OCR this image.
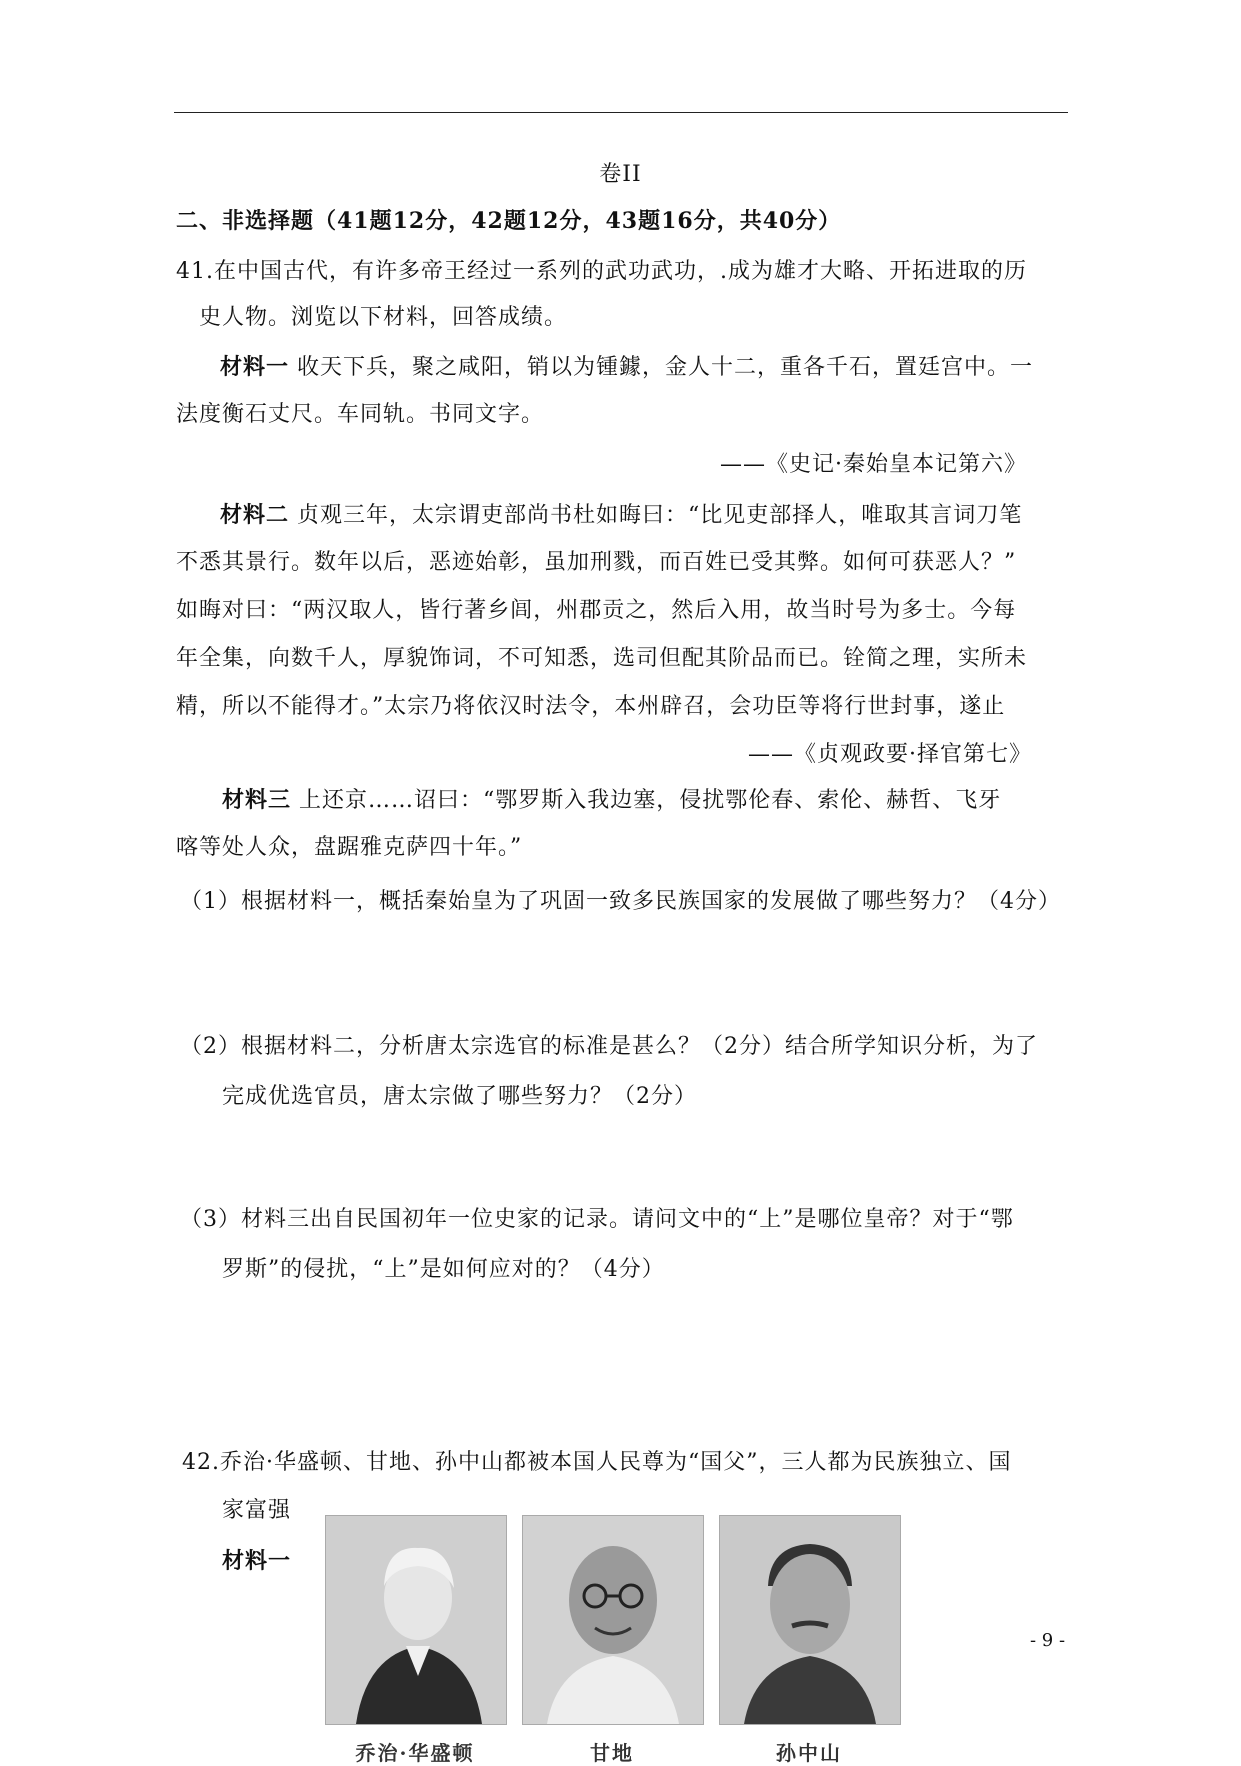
卷II
二、非选择题（41题12分，42题12分，43题16分，共40分）
41.在中国古代，有许多帝王经过一系列的武功武功，.成为雄才大略、开拓进取的历
史人物。浏览以下材料，回答成绩。
材料一 收天下兵，聚之咸阳，销以为锺鐻，金人十二，重各千石，置廷宫中。一
法度衡石丈尺。车同轨。书同文字。
——《史记·秦始皇本记第六》
材料二 贞观三年，太宗谓吏部尚书杜如晦曰：“比见吏部择人，唯取其言词刀笔
不悉其景行。数年以后，恶迹始彰，虽加刑戮，而百姓已受其弊。如何可获恶人？”
如晦对曰：“两汉取人，皆行著乡闾，州郡贡之，然后入用，故当时号为多士。今每
年全集，向数千人，厚貌饰词，不可知悉，选司但配其阶品而已。铨简之理，实所未
精，所以不能得才。”太宗乃将依汉时法令，本州辟召，会功臣等将行世封事，遂止
——《贞观政要·择官第七》
材料三 上还京……诏曰：“鄂罗斯入我边塞，侵扰鄂伦春、索伦、赫哲、飞牙
喀等处人众，盘踞雅克萨四十年。”
（1）根据材料一，概括秦始皇为了巩固一致多民族国家的发展做了哪些努力？（4分）
（2）根据材料二，分析唐太宗选官的标准是甚么？（2分）结合所学知识分析，为了
完成优选官员，唐太宗做了哪些努力？（2分）
（3）材料三出自民国初年一位史家的记录。请问文中的“上”是哪位皇帝？对于“鄂
罗斯”的侵扰，“上”是如何应对的？（4分）
42.乔治·华盛顿、甘地、孙中山都被本国人民尊为“国父”，三人都为民族独立、国
家富强
材料一
乔治·华盛顿	甘地	孙中山
- 9 -
